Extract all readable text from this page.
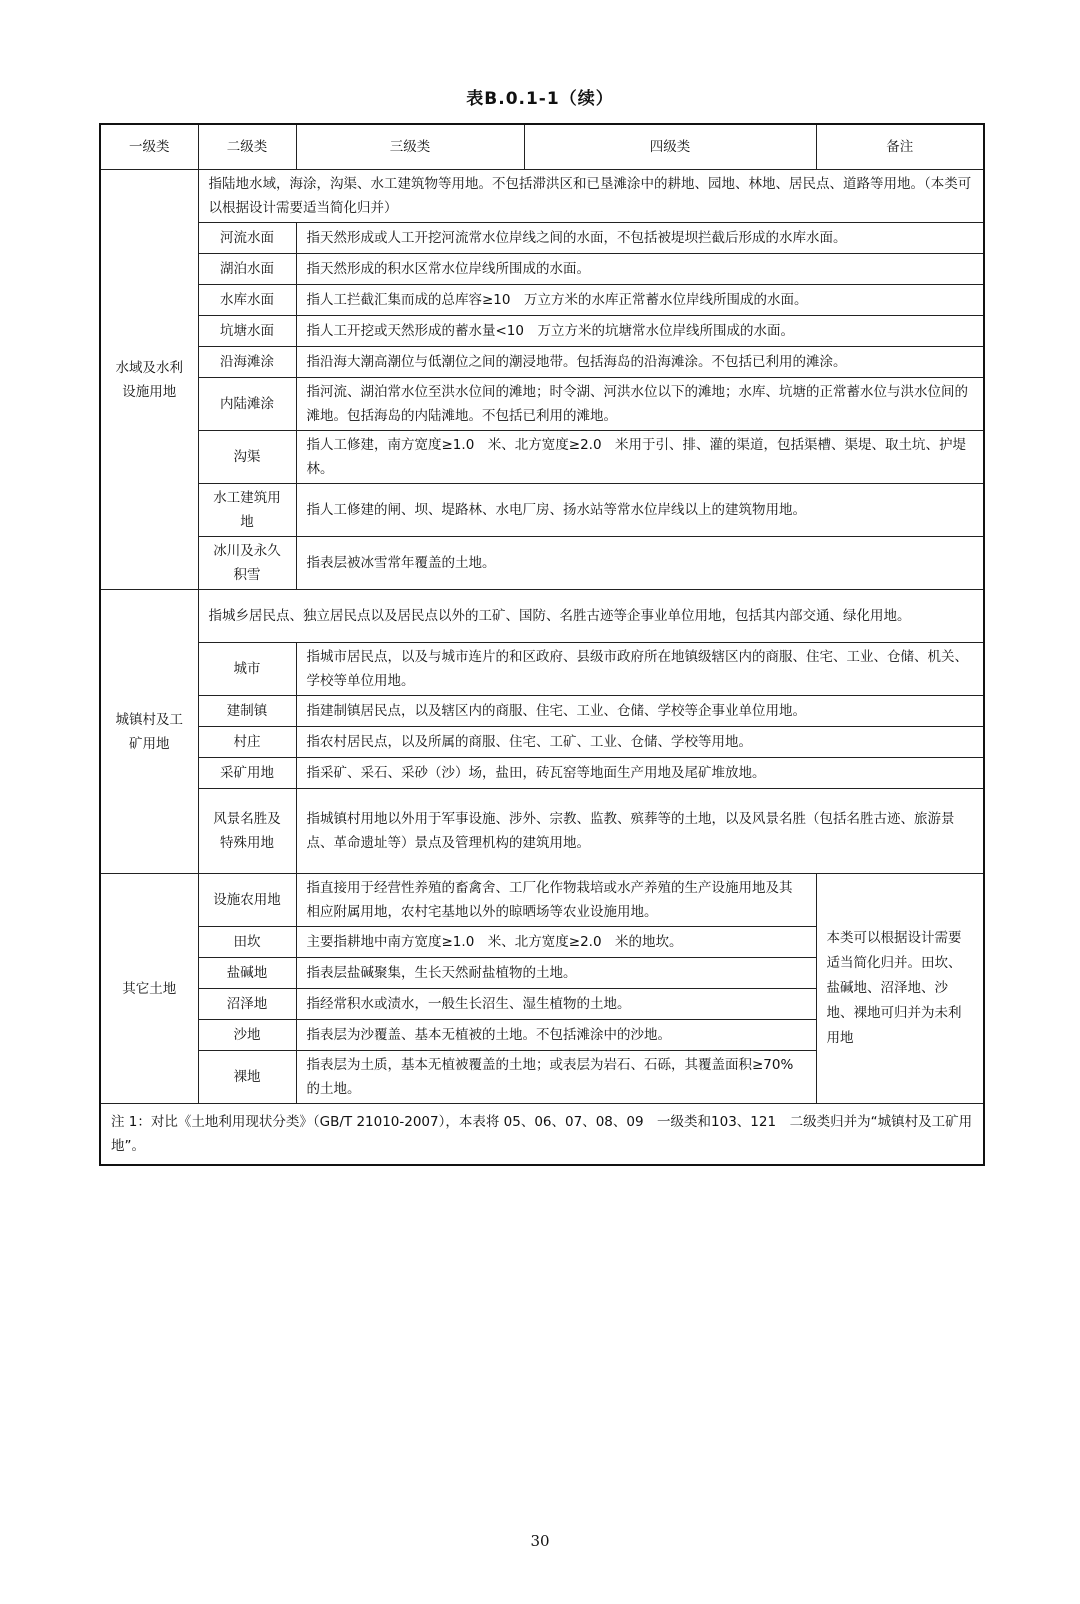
表B.0.1-1（续）
一级类	二级类	三级类	四级类	备注
水域及水利设施用地	指陆地水域，海涂，沟渠、水工建筑物等用地。不包括滞洪区和已垦滩涂中的耕地、园地、林地、居民点、道路等用地。（本类可以根据设计需要适当简化归并）			
	河流水面	指天然形成或人工开挖河流常水位岸线之间的水面，不包括被堤坝拦截后形成的水库水面。		
	湖泊水面	指天然形成的积水区常水位岸线所围成的水面。		
	水库水面	指人工拦截汇集而成的总库容≥10　万立方米的水库正常蓄水位岸线所围成的水面。		
	坑塘水面	指人工开挖或天然形成的蓄水量<10　万立方米的坑塘常水位岸线所围成的水面。		
	沿海滩涂	指沿海大潮高潮位与低潮位之间的潮浸地带。包括海岛的沿海滩涂。不包括已利用的滩涂。		
	内陆滩涂	指河流、湖泊常水位至洪水位间的滩地；时令湖、河洪水位以下的滩地；水库、坑塘的正常蓄水位与洪水位间的滩地。包括海岛的内陆滩地。不包括已利用的滩地。		
	沟渠	指人工修建，南方宽度≥1.0　米、北方宽度≥2.0　米用于引、排、灌的渠道，包括渠槽、渠堤、取土坑、护堤林。		
	水工建筑用地	指人工修建的闸、坝、堤路林、水电厂房、扬水站等常水位岸线以上的建筑物用地。		
	冰川及永久积雪	指表层被冰雪常年覆盖的土地。		
城镇村及工矿用地	指城乡居民点、独立居民点以及居民点以外的工矿、国防、名胜古迹等企事业单位用地，包括其内部交通、绿化用地。			
	城市	指城市居民点，以及与城市连片的和区政府、县级市政府所在地镇级辖区内的商服、住宅、工业、仓储、机关、学校等单位用地。		
	建制镇	指建制镇居民点，以及辖区内的商服、住宅、工业、仓储、学校等企事业单位用地。		
	村庄	指农村居民点，以及所属的商服、住宅、工矿、工业、仓储、学校等用地。		
	采矿用地	指采矿、采石、采砂（沙）场，盐田，砖瓦窑等地面生产用地及尾矿堆放地。		
	风景名胜及特殊用地	指城镇村用地以外用于军事设施、涉外、宗教、监教、殡葬等的土地，以及风景名胜（包括名胜古迹、旅游景点、革命遗址等）景点及管理机构的建筑用地。		
其它土地	设施农用地	指直接用于经营性养殖的畜禽舍、工厂化作物栽培或水产养殖的生产设施用地及其相应附属用地，农村宅基地以外的晾晒场等农业设施用地。		本类可以根据设计需要适当简化归并。田坎、盐碱地、沼泽地、沙地、裸地可归并为未利用地
	田坎	主要指耕地中南方宽度≥1.0　米、北方宽度≥2.0　米的地坎。		
	盐碱地	指表层盐碱聚集，生长天然耐盐植物的土地。		
	沼泽地	指经常积水或渍水，一般生长沼生、湿生植物的土地。		
	沙地	指表层为沙覆盖、基本无植被的土地。不包括滩涂中的沙地。		
	裸地	指表层为土质，基本无植被覆盖的土地；或表层为岩石、石砾，其覆盖面积≥70%的土地。		
注 1：对比《土地利用现状分类》（GB/T 21010-2007），本表将 05、06、07、08、09　一级类和103、121　二级类归并为“城镇村及工矿用地”。				
30
